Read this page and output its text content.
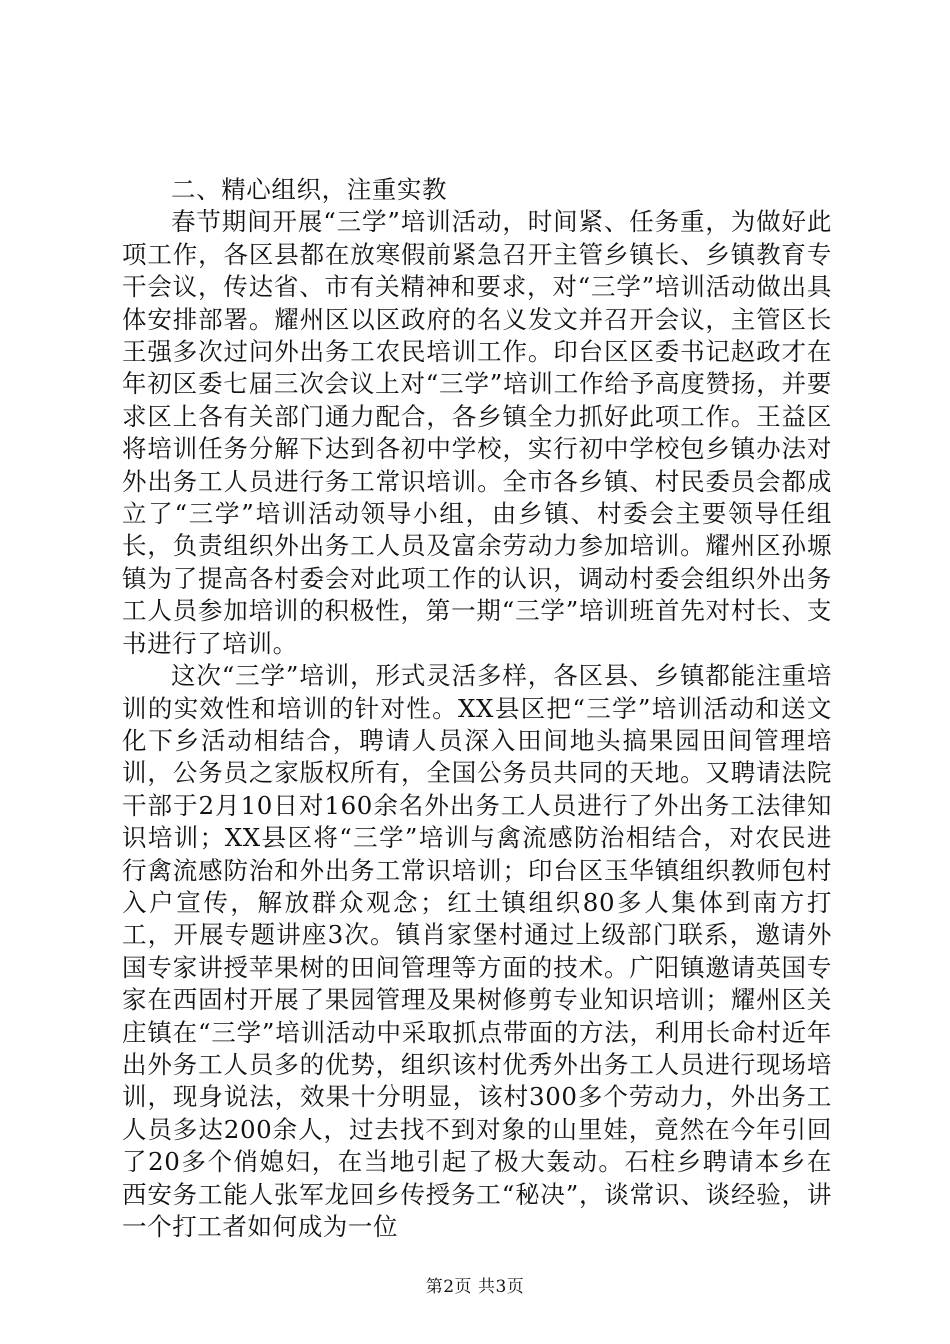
二、精心组织，注重实教

春节期间开展“三学”培训活动，时间紧、任务重，为做好此项工作，各区县都在放寒假前紧急召开主管乡镇长、乡镇教育专干会议，传达省、市有关精神和要求，对“三学”培训活动做出具体安排部署。耀州区以区政府的名义发文并召开会议，主管区长王强多次过问外出务工农民培训工作。印台区区委书记赵政才在年初区委七届三次会议上对“三学”培训工作给予高度赞扬，并要求区上各有关部门通力配合，各乡镇全力抓好此项工作。王益区将培训任务分解下达到各初中学校，实行初中学校包乡镇办法对外出务工人员进行务工常识培训。全市各乡镇、村民委员会都成立了“三学”培训活动领导小组，由乡镇、村委会主要领导任组长，负责组织外出务工人员及富余劳动力参加培训。耀州区孙塬镇为了提高各村委会对此项工作的认识，调动村委会组织外出务工人员参加培训的积极性，第一期“三学”培训班首先对村长、支书进行了培训。

这次“三学”培训，形式灵活多样，各区县、乡镇都能注重培训的实效性和培训的针对性。XX县区把“三学”培训活动和送文化下乡活动相结合，聘请人员深入田间地头搞果园田间管理培训，公务员之家版权所有，全国公务员共同的天地。又聘请法院干部于2月10日对160余名外出务工人员进行了外出务工法律知识培训；XX县区将“三学”培训与禽流感防治相结合，对农民进行禽流感防治和外出务工常识培训；印台区玉华镇组织教师包村入户宣传，解放群众观念；红土镇组织80多人集体到南方打工，开展专题讲座3次。镇肖家堡村通过上级部门联系，邀请外国专家讲授苹果树的田间管理等方面的技术。广阳镇邀请英国专家在西固村开展了果园管理及果树修剪专业知识培训；耀州区关庄镇在“三学”培训活动中采取抓点带面的方法，利用长命村近年出外务工人员多的优势，组织该村优秀外出务工人员进行现场培训，现身说法，效果十分明显，该村300多个劳动力，外出务工人员多达200余人，过去找不到对象的山里娃，竟然在今年引回了20多个俏媳妇，在当地引起了极大轰动。石柱乡聘请本乡在西安务工能人张军龙回乡传授务工“秘决”，谈常识、谈经验，讲一个打工者如何成为一位

第2页 共3页
